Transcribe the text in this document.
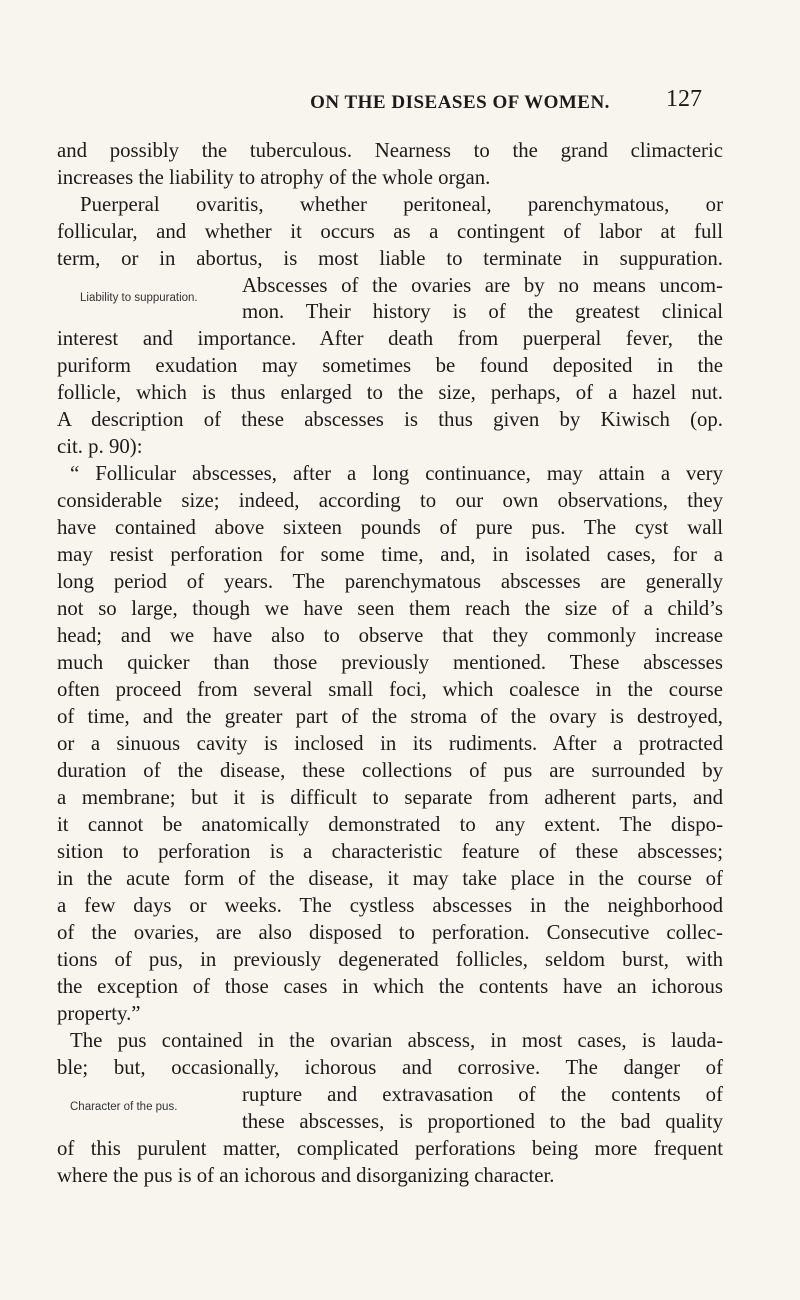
ON THE DISEASES OF WOMEN.	127
and possibly the tuberculous. Nearness to the grand climacteric
increases the liability to atrophy of the whole organ.
Puerperal ovaritis, whether peritoneal, parenchymatous, or
follicular, and whether it occurs as a contingent of labor at full
term, or in abortus, is most liable to terminate in suppuration.
Abscesses of the ovaries are by no means uncom-
Liability to suppuration.
mon. Their history is of the greatest clinical
interest and importance. After death from puerperal fever, the
puriform exudation may sometimes be found deposited in the
follicle, which is thus enlarged to the size, perhaps, of a hazel nut.
A description of these abscesses is thus given by Kiwisch (op.
cit. p. 90):
“ Follicular abscesses, after a long continuance, may attain a very
considerable size; indeed, according to our own observations, they
have contained above sixteen pounds of pure pus. The cyst wall
may resist perforation for some time, and, in isolated cases, for a
long period of years. The parenchymatous abscesses are generally
not so large, though we have seen them reach the size of a child’s
head; and we have also to observe that they commonly increase
much quicker than those previously mentioned. These abscesses
often proceed from several small foci, which coalesce in the course
of time, and the greater part of the stroma of the ovary is destroyed,
or a sinuous cavity is inclosed in its rudiments. After a protracted
duration of the disease, these collections of pus are surrounded by
a membrane; but it is difficult to separate from adherent parts, and
it cannot be anatomically demonstrated to any extent. The dispo-
sition to perforation is a characteristic feature of these abscesses;
in the acute form of the disease, it may take place in the course of
a few days or weeks. The cystless abscesses in the neighborhood
of the ovaries, are also disposed to perforation. Consecutive collec-
tions of pus, in previously degenerated follicles, seldom burst, with
the exception of those cases in which the contents have an ichorous
property.”
The pus contained in the ovarian abscess, in most cases, is lauda-
ble; but, occasionally, ichorous and corrosive. The danger of
rupture and extravasation of the contents of
Character of the pus.
these abscesses, is proportioned to the bad quality
of this purulent matter, complicated perforations being more frequent
where the pus is of an ichorous and disorganizing character.
